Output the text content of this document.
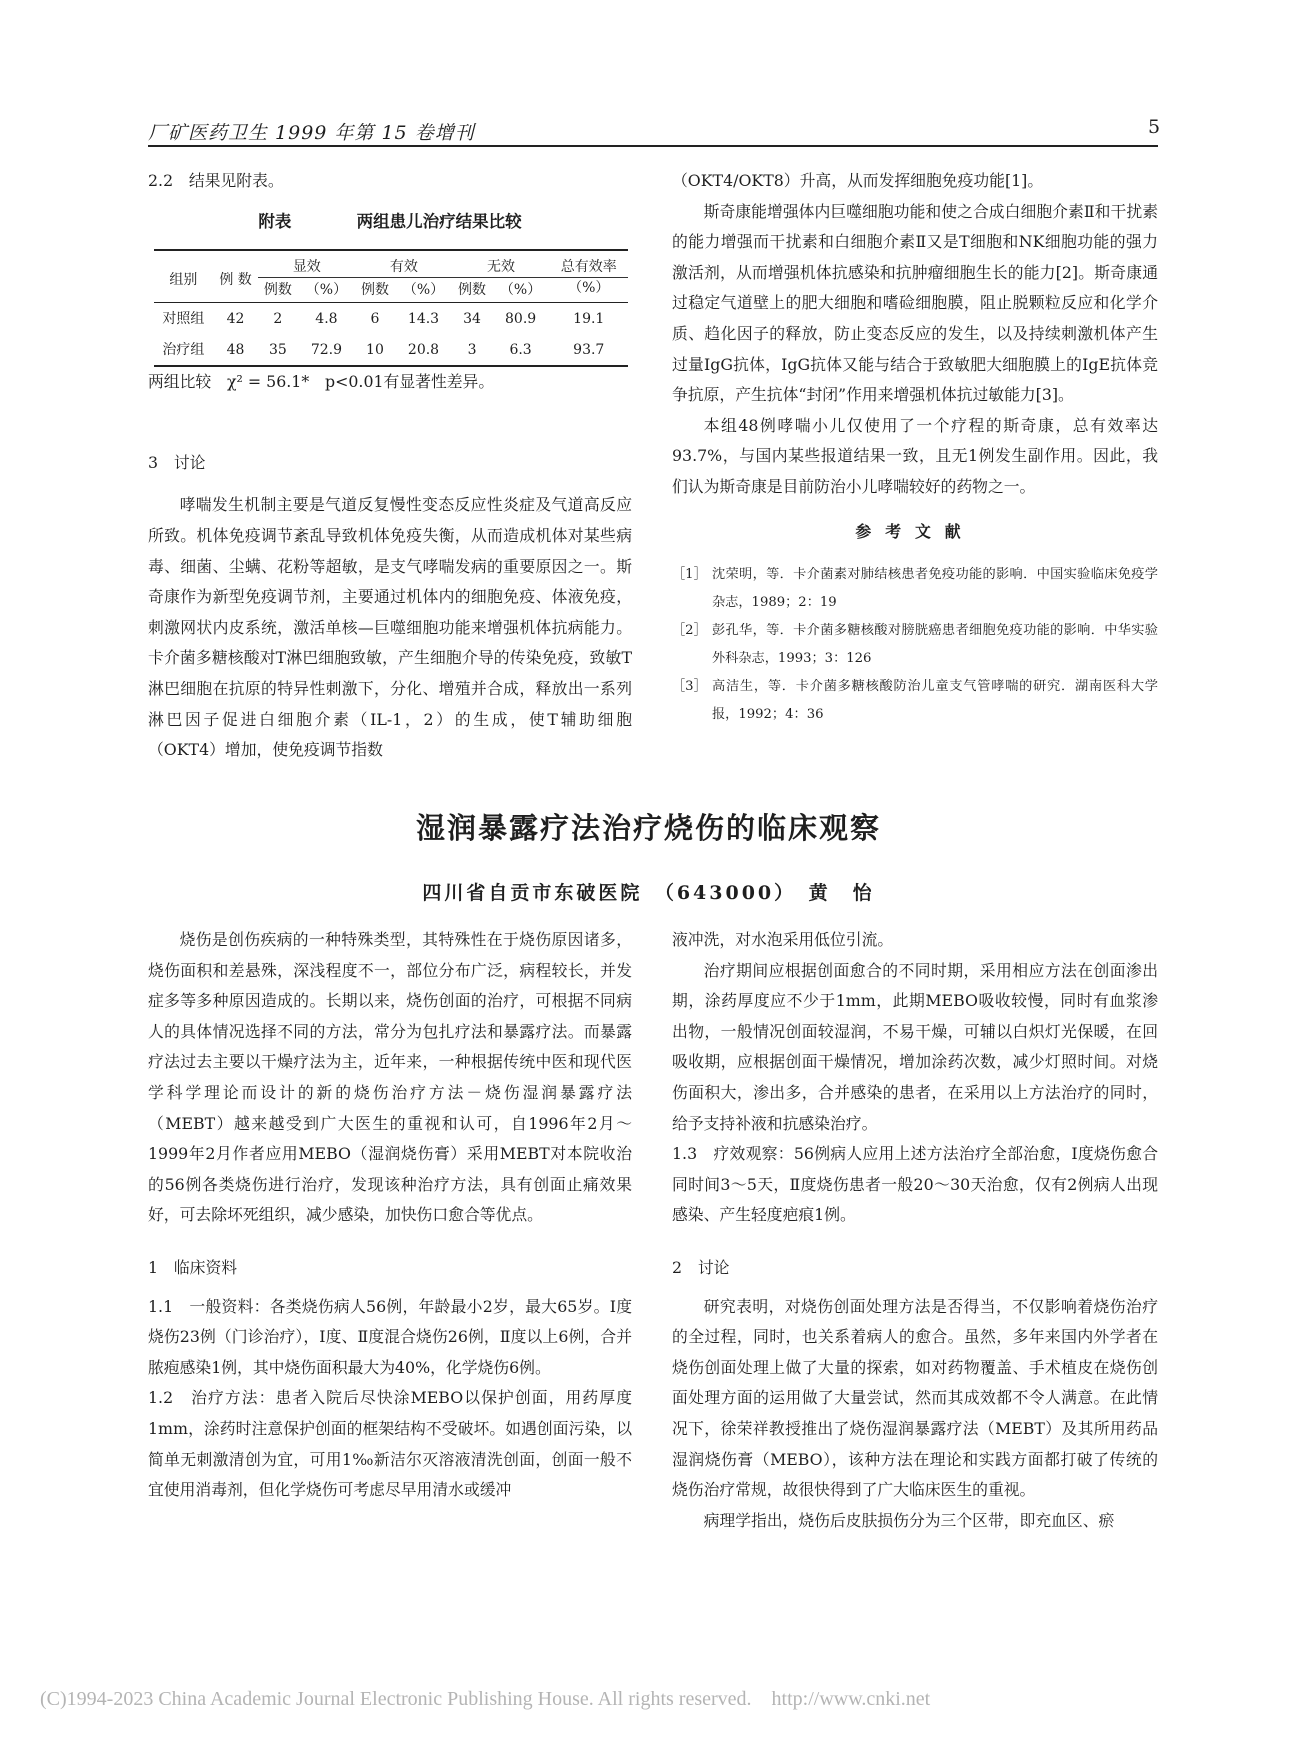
厂矿医药卫生 1999 年第 15 卷增刊	5

2.2　结果见附表。

附表	两组患儿治疗结果比较
组别	例 数	显效		有效		无效		总有效率
		例数	（%）	例数	（%）	例数	（%）	（%）
对照组	42	2	4.8	6	14.3	34	80.9	19.1
治疗组	48	35	72.9	10	20.8	3	6.3	93.7

两组比较　χ² = 56.1*　p<0.01有显著性差异。

3　讨论

哮喘发生机制主要是气道反复慢性变态反应性炎症及气道高反应所致。机体免疫调节紊乱导致机体免疫失衡，从而造成机体对某些病毒、细菌、尘螨、花粉等超敏，是支气哮喘发病的重要原因之一。斯奇康作为新型免疫调节剂，主要通过机体内的细胞免疫、体液免疫，刺激网状内皮系统，激活单核—巨噬细胞功能来增强机体抗病能力。卡介菌多糖核酸对T淋巴细胞致敏，产生细胞介导的传染免疫，致敏T淋巴细胞在抗原的特异性刺激下，分化、增殖并合成，释放出一系列淋巴因子促进白细胞介素（IL-1，2）的生成，使T辅助细胞（OKT4）增加，使免疫调节指数

（OKT4/OKT8）升高，从而发挥细胞免疫功能[1]。

斯奇康能增强体内巨噬细胞功能和使之合成白细胞介素Ⅱ和干扰素的能力增强而干扰素和白细胞介素Ⅱ又是T细胞和NK细胞功能的强力激活剂，从而增强机体抗感染和抗肿瘤细胞生长的能力[2]。斯奇康通过稳定气道壁上的肥大细胞和嗜硷细胞膜，阻止脱颗粒反应和化学介质、趋化因子的释放，防止变态反应的发生，以及持续刺激机体产生过量IgG抗体，IgG抗体又能与结合于致敏肥大细胞膜上的IgE抗体竞争抗原，产生抗体“封闭”作用来增强机体抗过敏能力[3]。

本组48例哮喘小儿仅使用了一个疗程的斯奇康，总有效率达93.7%，与国内某些报道结果一致，且无1例发生副作用。因此，我们认为斯奇康是目前防治小儿哮喘较好的药物之一。

参考文献
［1］ 沈荣明，等．卡介菌素对肺结核患者免疫功能的影响．中国实验临床免疫学杂志，1989；2：19
［2］ 彭孔华，等．卡介菌多糖核酸对膀胱癌患者细胞免疫功能的影响．中华实验外科杂志，1993；3：126
［3］ 高洁生，等．卡介菌多糖核酸防治儿童支气管哮喘的研究．湖南医科大学报，1992；4：36
湿润暴露疗法治疗烧伤的临床观察
四川省自贡市东破医院　（643000）　黄　怡

烧伤是创伤疾病的一种特殊类型，其特殊性在于烧伤原因诸多，烧伤面积和差悬殊，深浅程度不一，部位分布广泛，病程较长，并发症多等多种原因造成的。长期以来，烧伤创面的治疗，可根据不同病人的具体情况选择不同的方法，常分为包扎疗法和暴露疗法。而暴露疗法过去主要以干燥疗法为主，近年来，一种根据传统中医和现代医学科学理论而设计的新的烧伤治疗方法－烧伤湿润暴露疗法（MEBT）越来越受到广大医生的重视和认可，自1996年2月～1999年2月作者应用MEBO（湿润烧伤膏）采用MEBT对本院收治的56例各类烧伤进行治疗，发现该种治疗方法，具有创面止痛效果好，可去除坏死组织，减少感染，加快伤口愈合等优点。

1　临床资料

1.1　一般资料：各类烧伤病人56例，年龄最小2岁，最大65岁。Ⅰ度烧伤23例（门诊治疗），Ⅰ度、Ⅱ度混合烧伤26例，Ⅱ度以上6例，合并脓疱感染1例，其中烧伤面积最大为40%，化学烧伤6例。

1.2　治疗方法：患者入院后尽快涂MEBO以保护创面，用药厚度1mm，涂药时注意保护创面的框架结构不受破坏。如遇创面污染，以简单无刺激清创为宜，可用1‰新洁尔灭溶液清洗创面，创面一般不宜使用消毒剂，但化学烧伤可考虑尽早用清水或缓冲

液冲洗，对水泡采用低位引流。

治疗期间应根据创面愈合的不同时期，采用相应方法在创面渗出期，涂药厚度应不少于1mm，此期MEBO吸收较慢，同时有血浆渗出物，一般情况创面较湿润，不易干燥，可辅以白炽灯光保暖，在回吸收期，应根据创面干燥情况，增加涂药次数，减少灯照时间。对烧伤面积大，渗出多，合并感染的患者，在采用以上方法治疗的同时，给予支持补液和抗感染治疗。

1.3　疗效观察：56例病人应用上述方法治疗全部治愈，Ⅰ度烧伤愈合同时间3～5天，Ⅱ度烧伤患者一般20～30天治愈，仅有2例病人出现感染、产生轻度疤痕1例。

2　讨论

研究表明，对烧伤创面处理方法是否得当，不仅影响着烧伤治疗的全过程，同时，也关系着病人的愈合。虽然，多年来国内外学者在烧伤创面处理上做了大量的探索，如对药物覆盖、手术植皮在烧伤创面处理方面的运用做了大量尝试，然而其成效都不令人满意。在此情况下，徐荣祥教授推出了烧伤湿润暴露疗法（MEBT）及其所用药品湿润烧伤膏（MEBO），该种方法在理论和实践方面都打破了传统的烧伤治疗常规，故很快得到了广大临床医生的重视。

病理学指出，烧伤后皮肤损伤分为三个区带，即充血区、瘀

(C)1994-2023 China Academic Journal Electronic Publishing House. All rights reserved. http://www.cnki.net
